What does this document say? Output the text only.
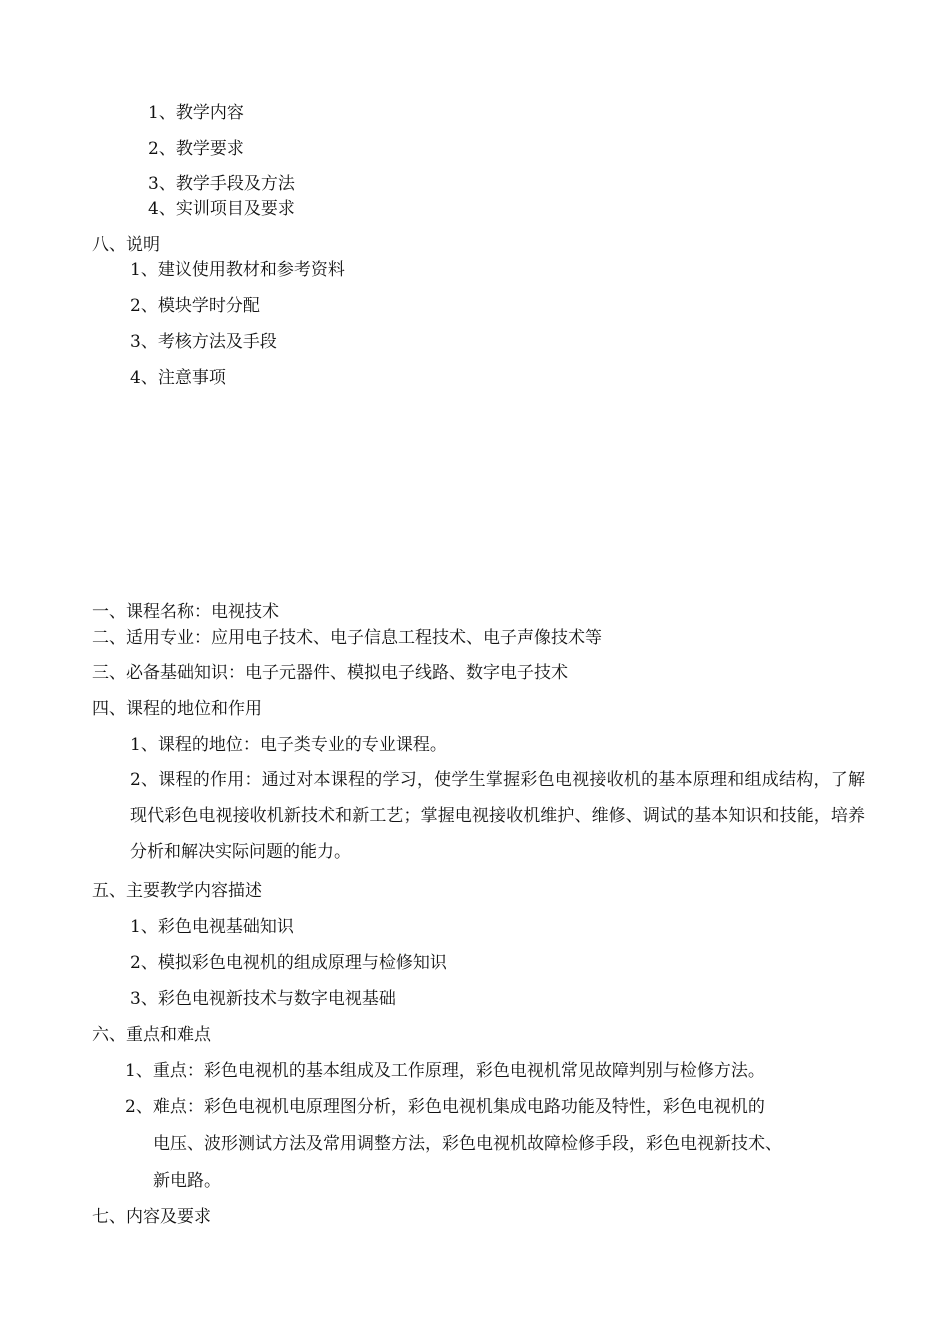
1、教学内容
2、教学要求
3、教学手段及方法
4、实训项目及要求
八、说明
1、建议使用教材和参考资料
2、模块学时分配
3、考核方法及手段
4、注意事项
一、课程名称：电视技术
二、适用专业：应用电子技术、电子信息工程技术、电子声像技术等
三、必备基础知识：电子元器件、模拟电子线路、数字电子技术
四、课程的地位和作用
1、课程的地位：电子类专业的专业课程。
2、课程的作用：通过对本课程的学习，使学生掌握彩色电视接收机的基本原理和组成结构，了解现代彩色电视接收机新技术和新工艺；掌握电视接收机维护、维修、调试的基本知识和技能，培养分析和解决实际问题的能力。
五、主要教学内容描述
1、彩色电视基础知识
2、模拟彩色电视机的组成原理与检修知识
3、彩色电视新技术与数字电视基础
六、重点和难点
1、重点：彩色电视机的基本组成及工作原理，彩色电视机常见故障判别与检修方法。
2、难点：彩色电视机电原理图分析，彩色电视机集成电路功能及特性，彩色电视机的
电压、波形测试方法及常用调整方法，彩色电视机故障检修手段，彩色电视新技术、
新电路。
七、内容及要求
